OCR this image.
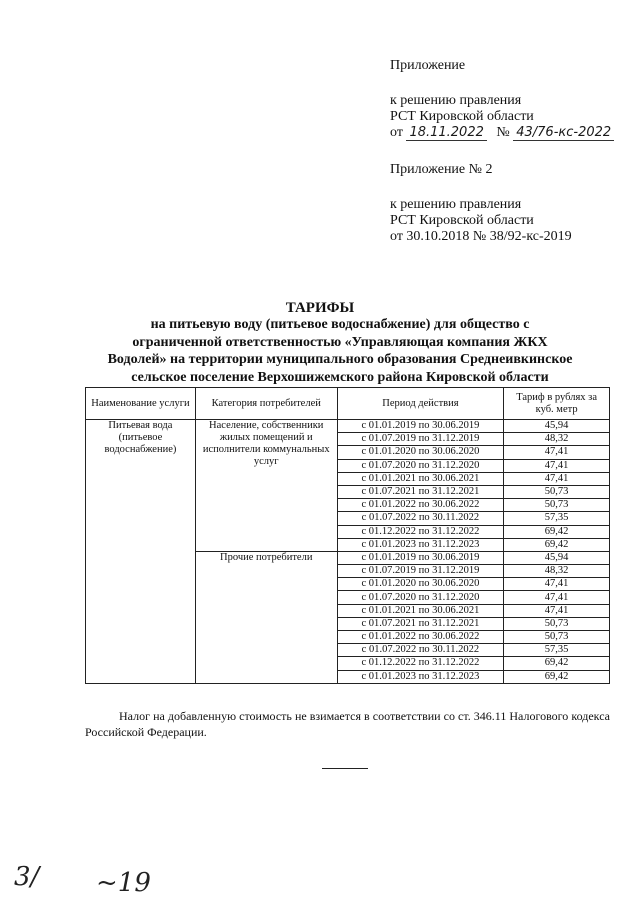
Приложение
к решению правления
РСТ Кировской области
от 18.11.2022 № 43/76-кс-2022
Приложение № 2
к решению правления
РСТ Кировской области
от 30.10.2018 № 38/92-кс-2019
ТАРИФЫ
на питьевую воду (питьевое водоснабжение) для общество с
ограниченной ответственностью «Управляющая компания ЖКХ
Водолей» на территории муниципального образования Среднеивкинское
сельское поселение Верхошижемского района Кировской области
Наименование услуги	Категория потребителей	Период действия	Тариф в рублях за куб. метр
Питьевая вода (питьевое водоснабжение)	Население, собственники жилых помещений и исполнители коммунальных услуг	с 01.01.2019 по 30.06.2019	45,94
		с 01.07.2019 по 31.12.2019	48,32
		с 01.01.2020 по 30.06.2020	47,41
		с 01.07.2020 по 31.12.2020	47,41
		с 01.01.2021 по 30.06.2021	47,41
		с 01.07.2021 по 31.12.2021	50,73
		с 01.01.2022 по 30.06.2022	50,73
		с 01.07.2022 по 30.11.2022	57,35
		с 01.12.2022 по 31.12.2022	69,42
		с 01.01.2023 по 31.12.2023	69,42
	Прочие потребители	с 01.01.2019 по 30.06.2019	45,94
		с 01.07.2019 по 31.12.2019	48,32
		с 01.01.2020 по 30.06.2020	47,41
		с 01.07.2020 по 31.12.2020	47,41
		с 01.01.2021 по 30.06.2021	47,41
		с 01.07.2021 по 31.12.2021	50,73
		с 01.01.2022 по 30.06.2022	50,73
		с 01.07.2022 по 30.11.2022	57,35
		с 01.12.2022 по 31.12.2022	69,42
		с 01.01.2023 по 31.12.2023	69,42
Налог на добавленную стоимость не взимается в соответствии со ст. 346.11 Налогового кодекса Российской Федерации.
3/ ~19
